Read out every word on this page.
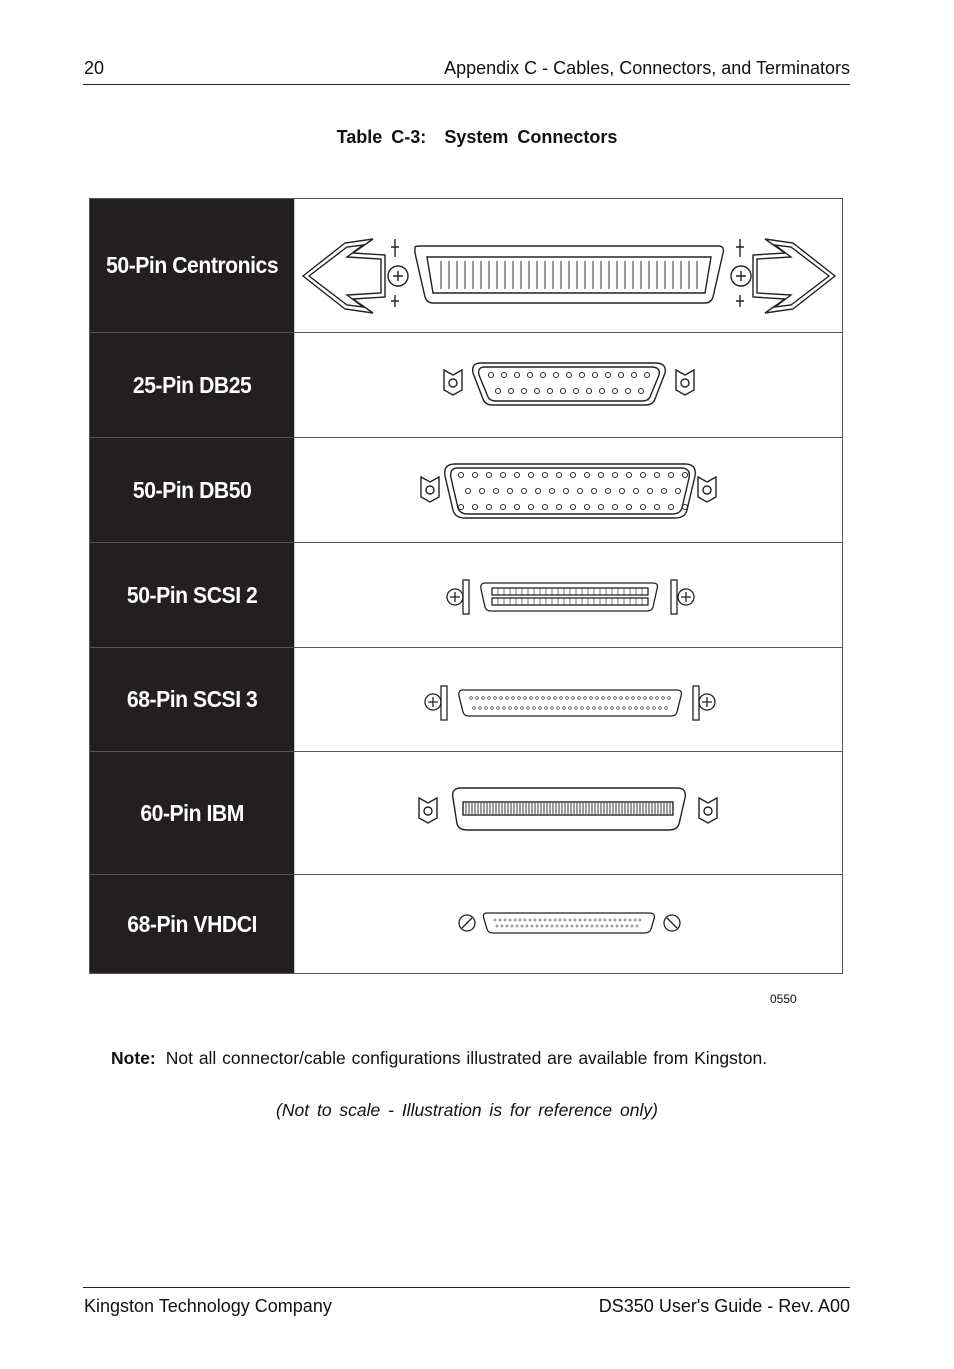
20	Appendix C - Cables, Connectors, and Terminators
Table C-3: System Connectors
50-Pin Centronics
25-Pin DB25
50-Pin DB50
50-Pin SCSI 2
68-Pin SCSI 3
60-Pin IBM
68-Pin VHDCI
0550
Note: Not all connector/cable configurations illustrated are available from Kingston.
(Not to scale - Illustration is for reference only)
Kingston Technology Company	DS350 User's Guide - Rev. A00
